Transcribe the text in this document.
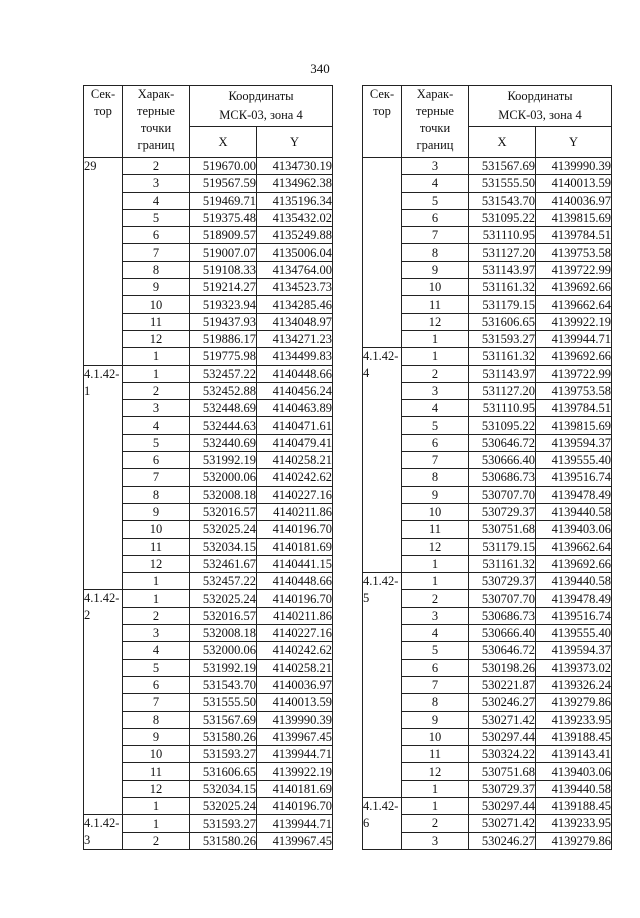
340
Сек-
тор	Харак-
терные
точки
границ	Координаты
МСК-03, зона 4	
		X	Y
29	2	519670.00	4134730.19
	3	519567.59	4134962.38
	4	519469.71	4135196.34
	5	519375.48	4135432.02
	6	518909.57	4135249.88
	7	519007.07	4135006.04
	8	519108.33	4134764.00
	9	519214.27	4134523.73
	10	519323.94	4134285.46
	11	519437.93	4134048.97
	12	519886.17	4134271.23
	1	519775.98	4134499.83
4.1.42-
1	1	532457.22	4140448.66
	2	532452.88	4140456.24
	3	532448.69	4140463.89
	4	532444.63	4140471.61
	5	532440.69	4140479.41
	6	531992.19	4140258.21
	7	532000.06	4140242.62
	8	532008.18	4140227.16
	9	532016.57	4140211.86
	10	532025.24	4140196.70
	11	532034.15	4140181.69
	12	532461.67	4140441.15
	1	532457.22	4140448.66
4.1.42-
2	1	532025.24	4140196.70
	2	532016.57	4140211.86
	3	532008.18	4140227.16
	4	532000.06	4140242.62
	5	531992.19	4140258.21
	6	531543.70	4140036.97
	7	531555.50	4140013.59
	8	531567.69	4139990.39
	9	531580.26	4139967.45
	10	531593.27	4139944.71
	11	531606.65	4139922.19
	12	532034.15	4140181.69
	1	532025.24	4140196.70
4.1.42-
3	1	531593.27	4139944.71
	2	531580.26	4139967.45
Сек-
тор	Харак-
терные
точки
границ	Координаты
МСК-03, зона 4	
		X	Y
	3	531567.69	4139990.39
	4	531555.50	4140013.59
	5	531543.70	4140036.97
	6	531095.22	4139815.69
	7	531110.95	4139784.51
	8	531127.20	4139753.58
	9	531143.97	4139722.99
	10	531161.32	4139692.66
	11	531179.15	4139662.64
	12	531606.65	4139922.19
	1	531593.27	4139944.71
4.1.42-
4	1	531161.32	4139692.66
	2	531143.97	4139722.99
	3	531127.20	4139753.58
	4	531110.95	4139784.51
	5	531095.22	4139815.69
	6	530646.72	4139594.37
	7	530666.40	4139555.40
	8	530686.73	4139516.74
	9	530707.70	4139478.49
	10	530729.37	4139440.58
	11	530751.68	4139403.06
	12	531179.15	4139662.64
	1	531161.32	4139692.66
4.1.42-
5	1	530729.37	4139440.58
	2	530707.70	4139478.49
	3	530686.73	4139516.74
	4	530666.40	4139555.40
	5	530646.72	4139594.37
	6	530198.26	4139373.02
	7	530221.87	4139326.24
	8	530246.27	4139279.86
	9	530271.42	4139233.95
	10	530297.44	4139188.45
	11	530324.22	4139143.41
	12	530751.68	4139403.06
	1	530729.37	4139440.58
4.1.42-
6	1	530297.44	4139188.45
	2	530271.42	4139233.95
	3	530246.27	4139279.86
